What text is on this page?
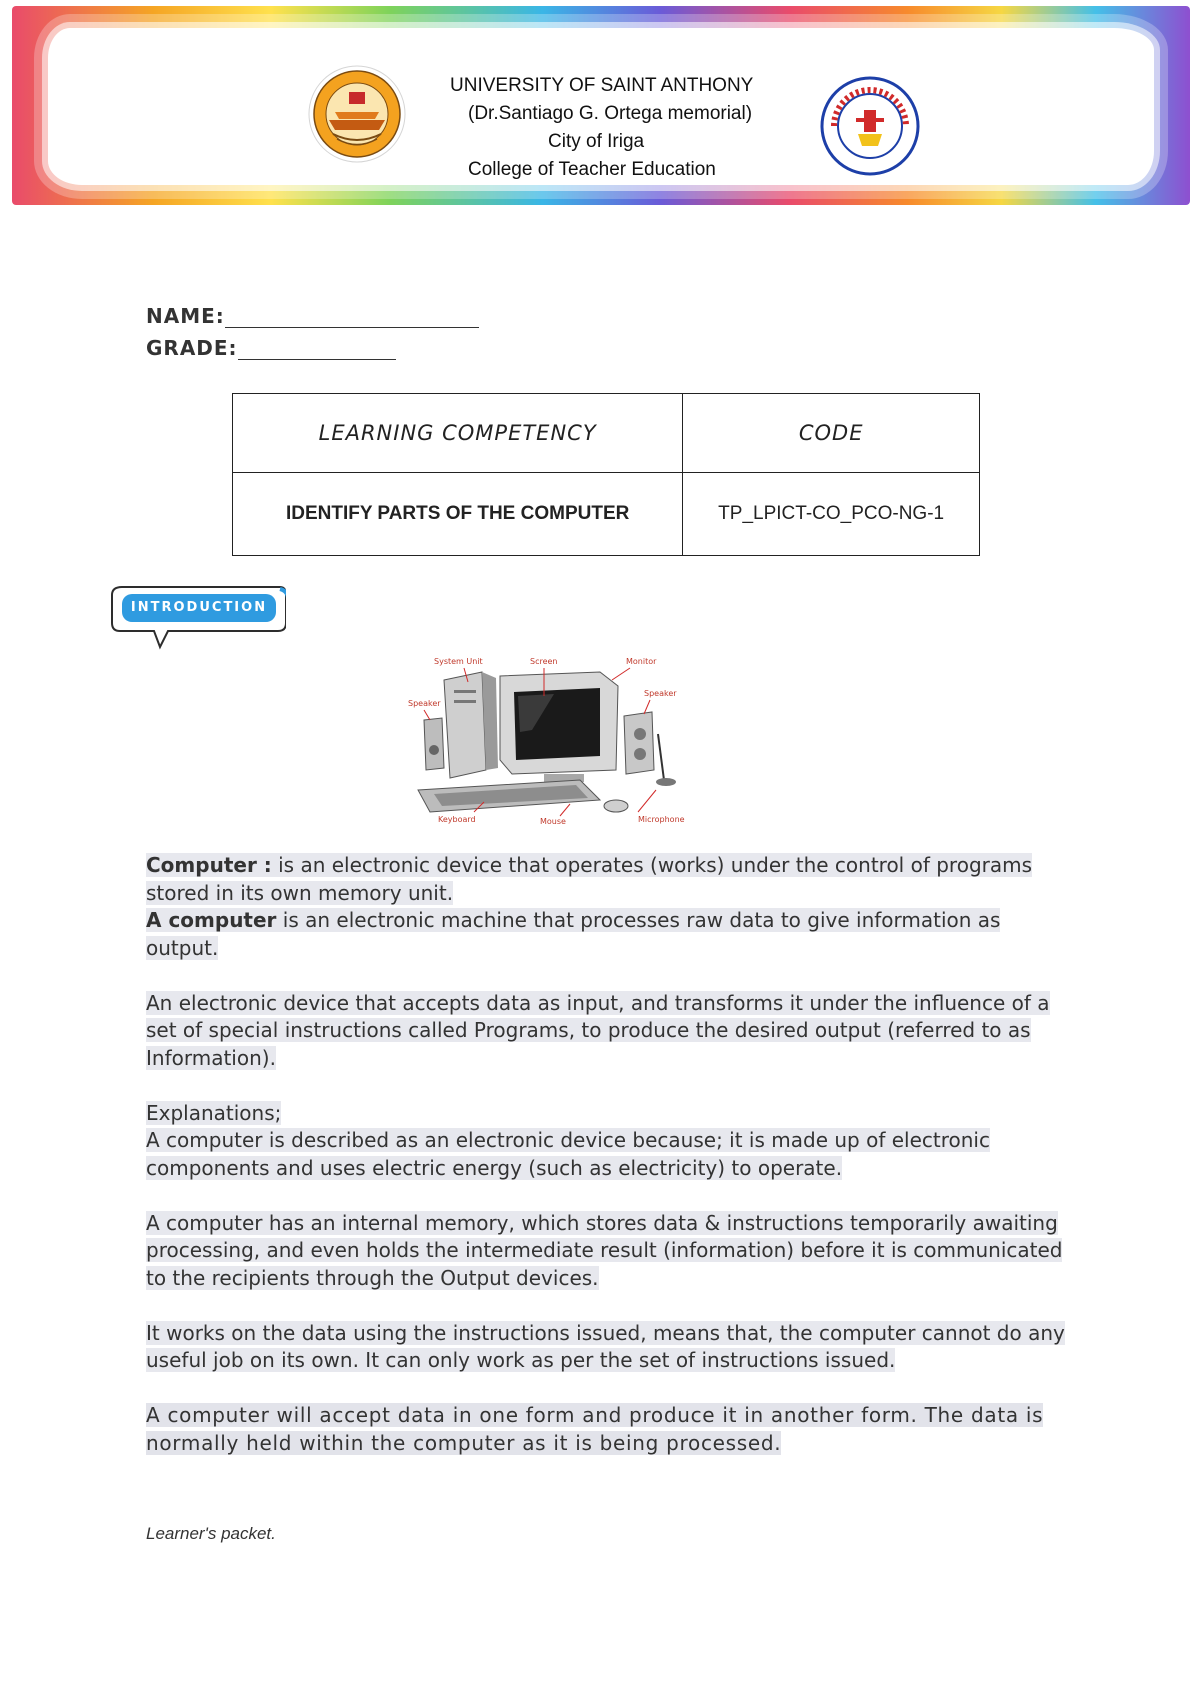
UNIVERSITY OF SAINT ANTHONY
(Dr.Santiago G. Ortega memorial)
City of Iriga
College of Teacher Education
NAME:
GRADE:
LEARNING COMPETENCY	CODE
IDENTIFY PARTS OF THE COMPUTER	TP_LPICT-CO_PCO-NG-1
INTRODUCTION
System Unit	Screen	Monitor
Speaker
Speaker
Keyboard	Mouse	Microphone

Computer : is an electronic device that operates (works) under the control of programs stored in its own memory unit.

A computer is an electronic machine that processes raw data to give information as output.

An electronic device that accepts data as input, and transforms it under the influence of a set of special instructions called Programs, to produce the desired output (referred to as Information).

Explanations;

A computer is described as an electronic device because; it is made up of electronic components and uses electric energy (such as electricity) to operate.

A computer has an internal memory, which stores data & instructions temporarily awaiting processing, and even holds the intermediate result (information) before it is communicated to the recipients through the Output devices.

It works on the data using the instructions issued, means that, the computer cannot do any useful job on its own. It can only work as per the set of instructions issued.

A computer will accept data in one form and produce it in another form. The data is normally held within the computer as it is being processed.

Learner's packet.
